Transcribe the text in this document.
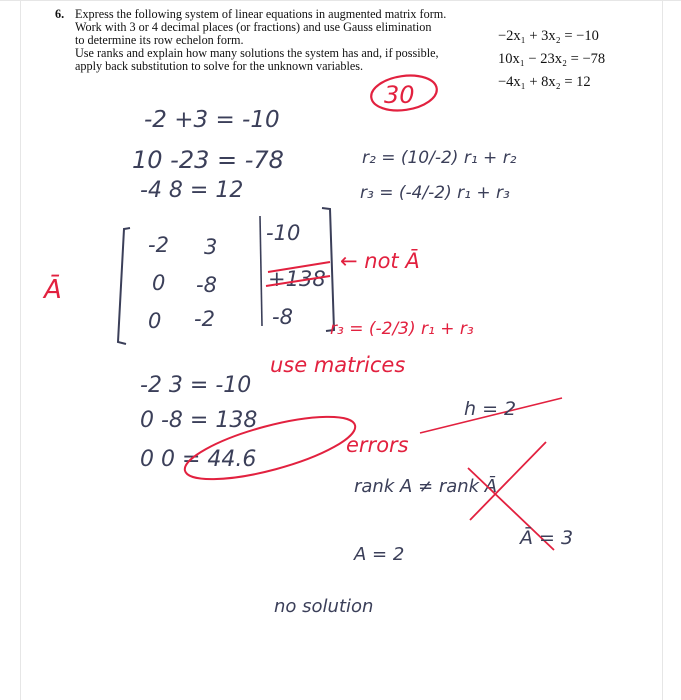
6. Express the following system of linear equations in augmented matrix form.
Work with 3 or 4 decimal places (or fractions) and use Gauss elimination
to determine its row echelon form.
Use ranks and explain how many solutions the system has and, if possible,
apply back substitution to solve for the unknown variables.
−2x₁ + 3x₂ = −10
10x₁ − 23x₂ = −78
−4x₁ + 8x₂ = 12
30
-2 +3 = -10
10 -23 = -78
-4 8 = 12
r₂ = (10/-2) r₁ + r₂
r₃ = (-4/-2) r₁ + r₃
Ā
-2 3
-10
0 -8 +138
0 -2	-8
← not Ā
r₃ = (-2/3) r₁ + r₃
use matrices
-2 3 = -10
0 -8 = 138
0 0 = 44.6
errors
h = 2
rank A ≠ rank Ā
Ā = 3
A = 2
no solution
